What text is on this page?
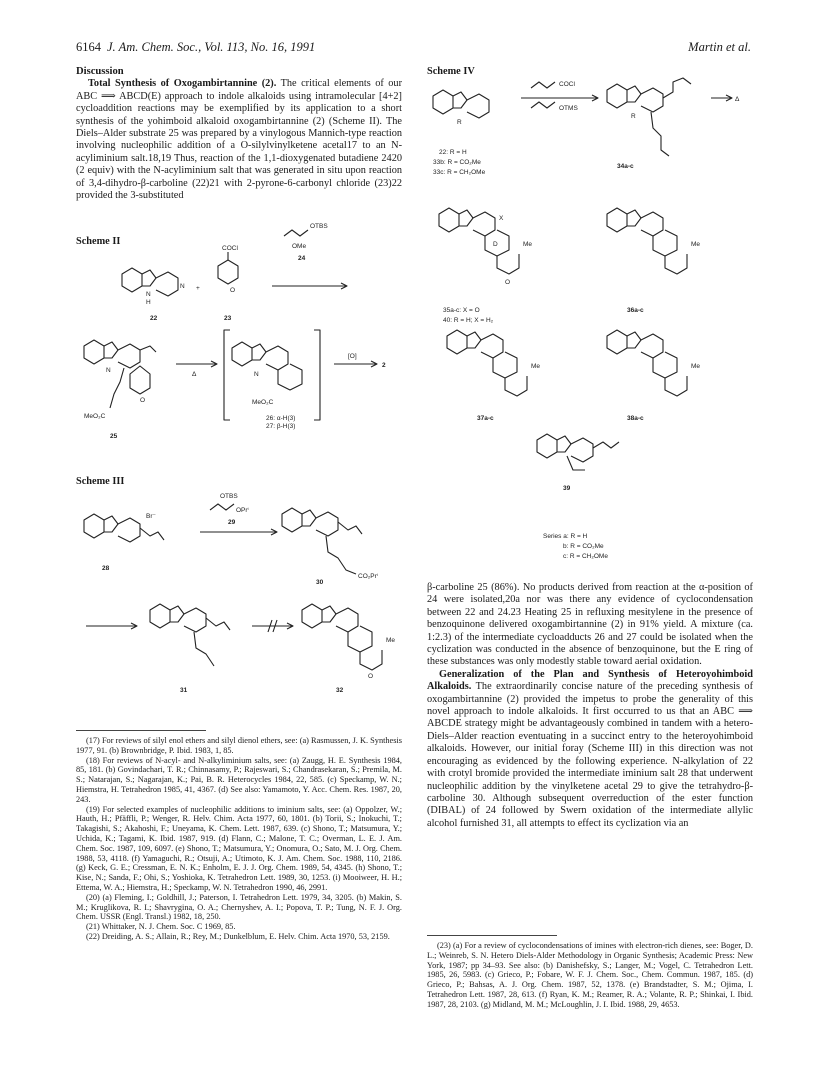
6164 J. Am. Chem. Soc., Vol. 113, No. 16, 1991	Martin et al.
Discussion
Total Synthesis of Oxogambirtannine (2). The critical elements of our ABC ⟹ ABCD(E) approach to indole alkaloids using intramolecular [4+2] cycloaddition reactions may be exemplified by its application to a short synthesis of the yohimboid alkaloid oxogambirtannine (2) (Scheme II). The Diels–Alder substrate 25 was prepared by a vinylogous Mannich-type reaction involving nucleophilic addition of a O-silylvinylketene acetal17 to an N-acyliminium salt.18,19 Thus, reaction of the 1,1-dioxygenated butadiene 2420 (2 equiv) with the N-acyliminium salt that was generated in situ upon reaction of 3,4-dihydro-β-carboline (22)21 with 2-pyrone-6-carbonyl chloride (23)22 provided the 3-substituted
Scheme II
N
H
N
22
+
COCl
O
23
OTBS
OMe
24
O
N
MeO₂C
25
Δ	N
MeO₂C
26: α-H(3)
27: β-H(3)
[O]
2
Scheme III
Br⁻
28
OTBS
OPrⁱ
29
CO₂Prⁱ
30
31
Me
O
32

(17) For reviews of silyl enol ethers and silyl dienol ethers, see: (a) Rasmussen, J. K. Synthesis 1977, 91. (b) Brownbridge, P. Ibid. 1983, 1, 85.

(18) For reviews of N-acyl- and N-alkyliminium salts, see: (a) Zaugg, H. E. Synthesis 1984, 85, 181. (b) Govindachari, T. R.; Chinnasamy, P.; Rajeswari, S.; Chandrasekaran, S.; Premila, M. S.; Natarajan, S.; Nagarajan, K.; Pai, B. R. Heterocycles 1984, 22, 585. (c) Speckamp, W. N.; Hiemstra, H. Tetrahedron 1985, 41, 4367. (d) See also: Yamamoto, Y. Acc. Chem. Res. 1987, 20, 243.

(19) For selected examples of nucleophilic additions to iminium salts, see: (a) Oppolzer, W.; Hauth, H.; Pfäffli, P.; Wenger, R. Helv. Chim. Acta 1977, 60, 1801. (b) Torii, S.; Inokuchi, T.; Takagishi, S.; Akahoshi, F.; Uneyama, K. Chem. Lett. 1987, 639. (c) Shono, T.; Matsumura, Y.; Uchida, K.; Tagami, K. Ibid. 1987, 919. (d) Flann, C.; Malone, T. C.; Overman, L. E. J. Am. Chem. Soc. 1987, 109, 6097. (e) Shono, T.; Matsumura, Y.; Onomura, O.; Sato, M. J. Org. Chem. 1988, 53, 4118. (f) Yamaguchi, R.; Otsuji, A.; Utimoto, K. J. Am. Chem. Soc. 1988, 110, 2186. (g) Keck, G. E.; Cressman, E. N. K.; Enholm, E. J. J. Org. Chem. 1989, 54, 4345. (h) Shono, T.; Kise, N.; Sanda, F.; Ohi, S.; Yoshioka, K. Tetrahedron Lett. 1989, 30, 1253. (i) Mooiweer, H. H.; Ettema, W. A.; Hiemstra, H.; Speckamp, W. N. Tetrahedron 1990, 46, 2991.

(20) (a) Fleming, I.; Goldhill, J.; Paterson, I. Tetrahedron Lett. 1979, 34, 3205. (b) Makin, S. M.; Kruglikova, R. I.; Shavrygina, O. A.; Chernyshev, A. I.; Popova, T. P.; Tung, N. F. J. Org. Chem. USSR (Engl. Transl.) 1982, 18, 250.

(21) Whittaker, N. J. Chem. Soc. C 1969, 85.

(22) Dreiding, A. S.; Allain, R.; Rey, M.; Dunkelblum, E. Helv. Chim. Acta 1970, 53, 2159.

Scheme IV
R
22: R = H
33b: R = CO₂Me
33c: R = CH₂OMe
COCl
OTMS
R
34a-c
Δ
X
D	Me
O
35a-c: X = O
40: R = H; X = H₂
Me
36a-c
Me
37a-c
Me
38a-c
39
Series a: R = H
b: R = CO₂Me
c: R = CH₂OMe
β-carboline 25 (86%). No products derived from reaction at the α-position of 24 were isolated,20a nor was there any evidence of cyclocondensation between 22 and 24.23 Heating 25 in refluxing mesitylene in the presence of benzoquinone delivered oxogambirtannine (2) in 91% yield. A mixture (ca. 1:2.3) of the intermediate cycloadducts 26 and 27 could be isolated when the cyclization was conducted in the absence of benzoquinone, but the E ring of these substances was only modestly stable toward aerial oxidation.
Generalization of the Plan and Synthesis of Heteroyohimboid Alkaloids. The extraordinarily concise nature of the preceding synthesis of oxogambirtannine (2) provided the impetus to probe the generality of this novel approach to indole alkaloids. It first occurred to us that an ABC ⟹ ABCDE strategy might be advantageously combined in tandem with a hetero-Diels–Alder reaction eventuating in a succinct entry to the heteroyohimboid alkaloids. However, our initial foray (Scheme III) in this direction was not encouraging as evidenced by the following experience. N-alkylation of 22 with crotyl bromide provided the intermediate iminium salt 28 that underwent nucleophilic addition by the vinylketene acetal 29 to give the tetrahydro-β-carboline 30. Although subsequent overreduction of the ester function (DIBAL) of 24 followed by Swern oxidation of the intermediate allylic alcohol furnished 31, all attempts to effect its cyclization via an

(23) (a) For a review of cyclocondensations of imines with electron-rich dienes, see: Boger, D. L.; Weinreb, S. N. Hetero Diels-Alder Methodology in Organic Synthesis; Academic Press: New York, 1987; pp 34–93. See also: (b) Danishefsky, S.; Langer, M.; Vogel, C. Tetrahedron Lett. 1985, 26, 5983. (c) Grieco, P.; Fobare, W. F. J. Chem. Soc., Chem. Commun. 1987, 185. (d) Grieco, P.; Bahsas, A. J. Org. Chem. 1987, 52, 1378. (e) Brandstadter, S. M.; Ojima, I. Tetrahedron Lett. 1987, 28, 613. (f) Ryan, K. M.; Reamer, R. A.; Volante, R. P.; Shinkai, I. Ibid. 1987, 28, 2103. (g) Midland, M. M.; McLoughlin, J. I. Ibid. 1988, 29, 4653.
